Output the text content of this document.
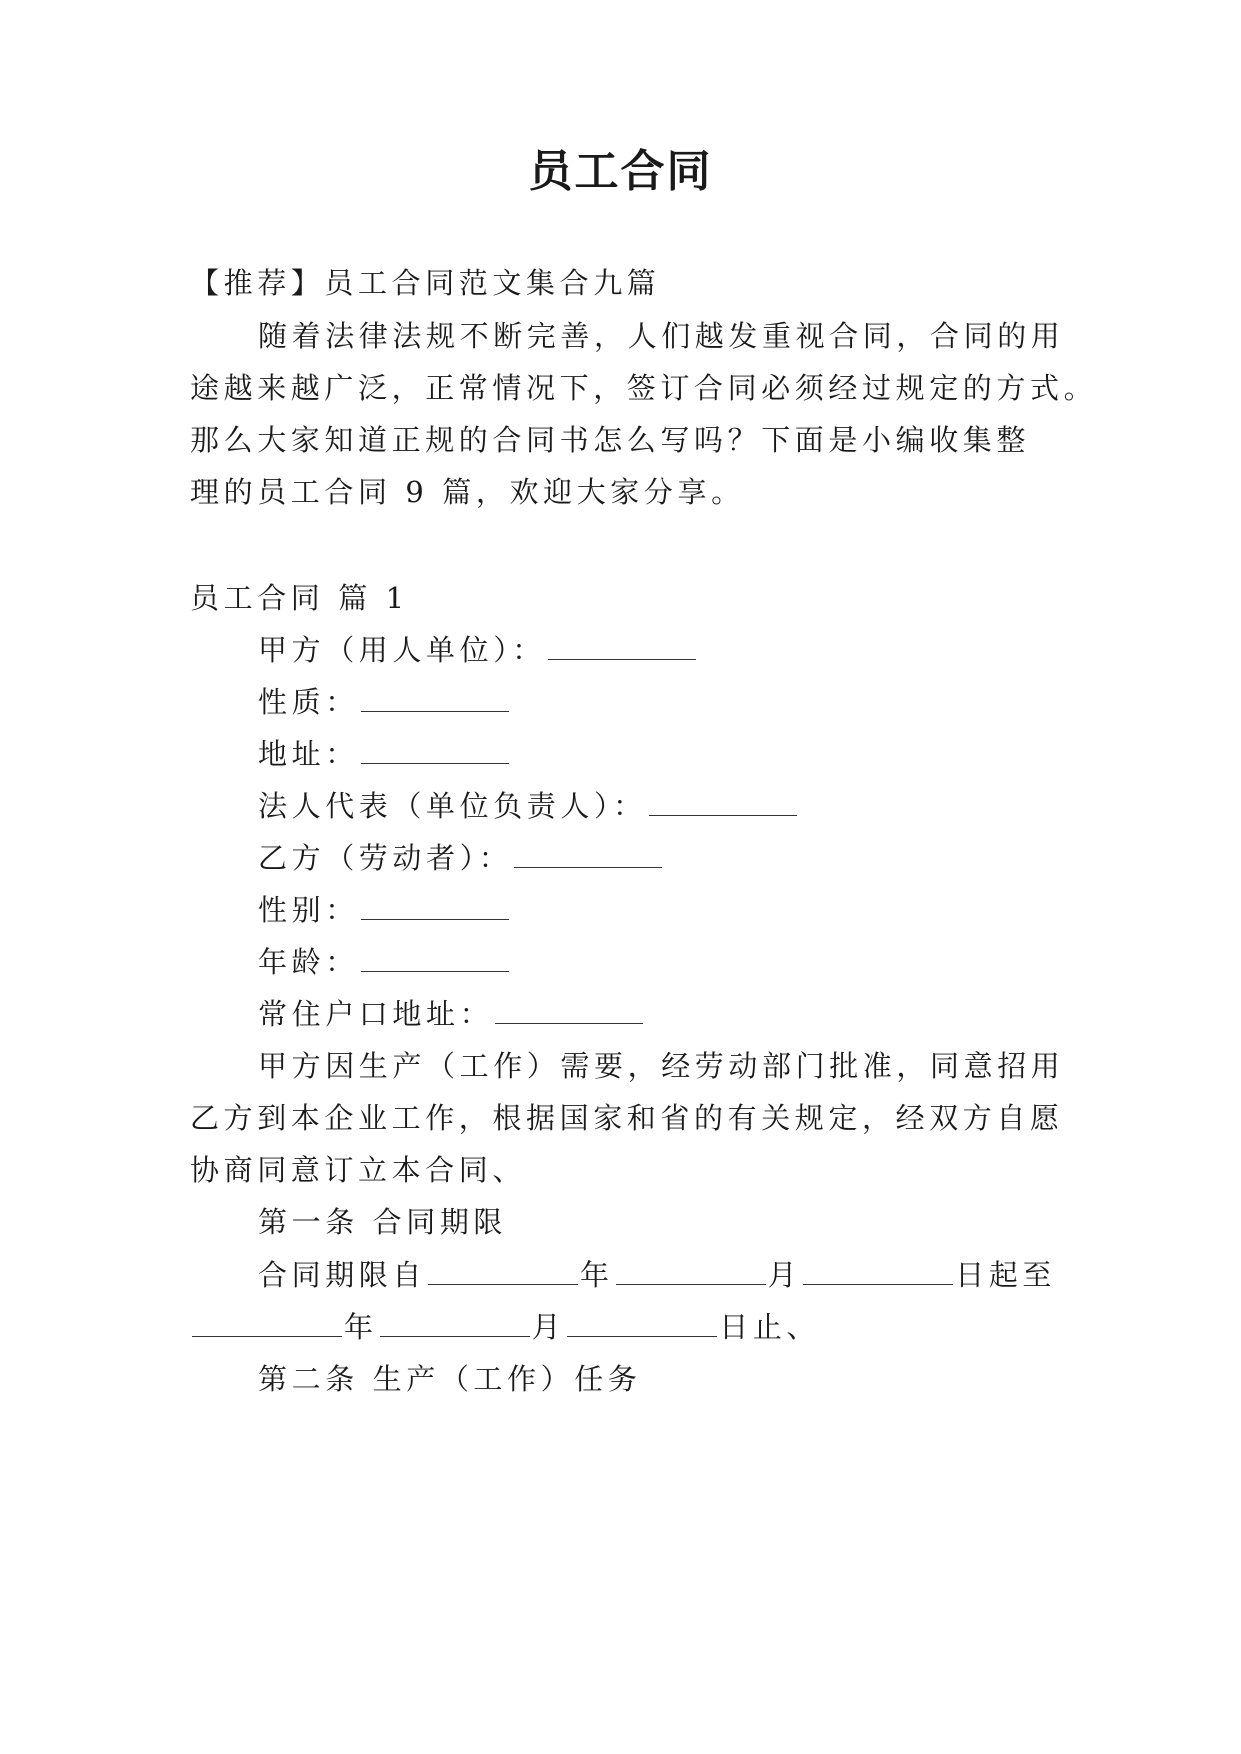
员工合同
【推荐】员工合同范文集合九篇
随着法律法规不断完善，人们越发重视合同，合同的用
途越来越广泛，正常情况下，签订合同必须经过规定的方式。
那么大家知道正规的合同书怎么写吗？下面是小编收集整
理的员工合同 9 篇，欢迎大家分享。
员工合同 篇 1
甲方（用人单位）：
性质：
地址：
法人代表（单位负责人）：
乙方（劳动者）：
性别：
年龄：
常住户口地址：
甲方因生产（工作）需要，经劳动部门批准，同意招用
乙方到本企业工作，根据国家和省的有关规定，经双方自愿
协商同意订立本合同、
第一条 合同期限
合同期限自	年	月	日起至
年	月	日止、
第二条 生产（工作）任务
